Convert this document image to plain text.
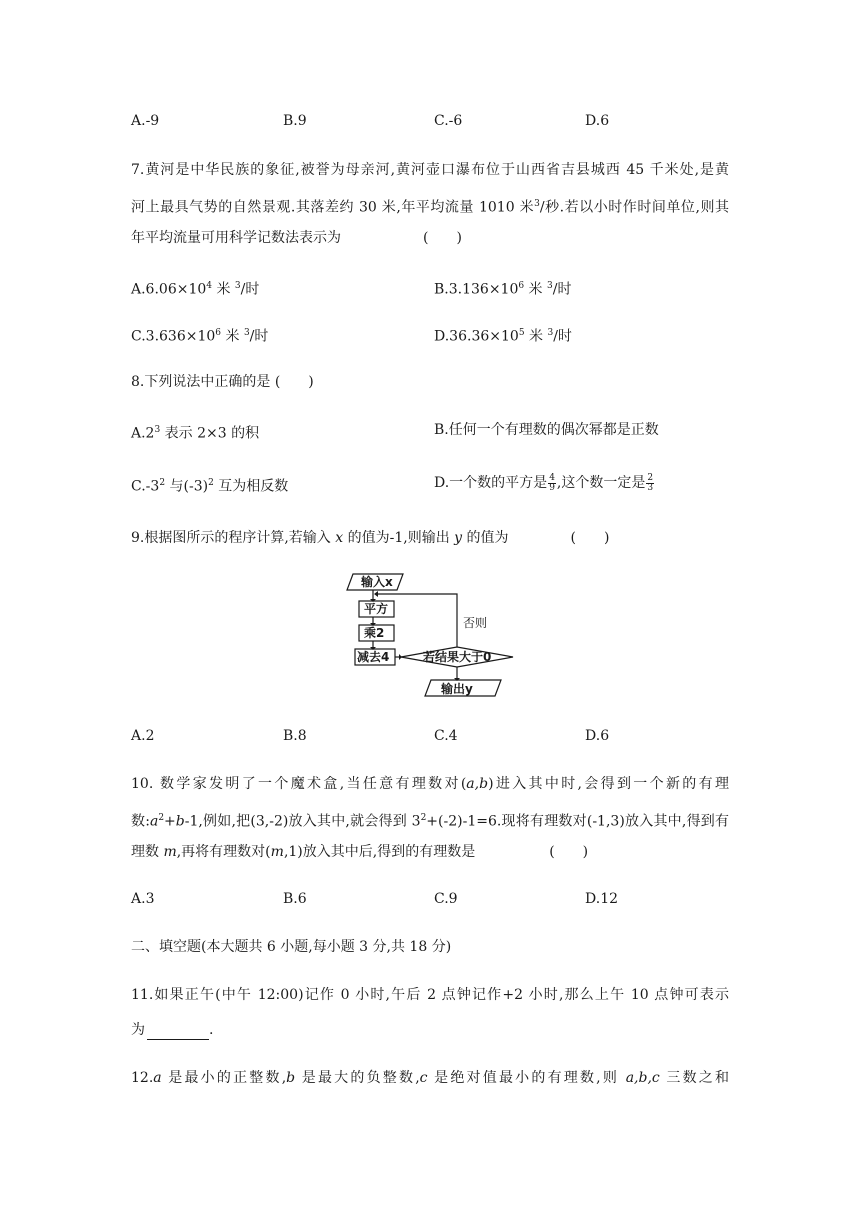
A.-9	B.9	C.-6	D.6
7.黄河是中华民族的象征,被誉为母亲河,黄河壶口瀑布位于山西省吉县城西 45 千米处,是黄
河上最具气势的自然景观.其落差约 30 米,年平均流量 1010 米$^3$/秒.若以小时作时间单位,则其
年平均流量可用科学记数法表示为	(　　)
$A.6.06\times 10^4$ 米 $^3$/时	$B.3.136\times 10^6$ 米 $^3$/时
$C.3.636\times 10^6$ 米 $^3$/时	$D.36.36\times 10^5$ 米 $^3$/时
8.下列说法中正确的是 (　　)
$A.2^3$ 表示 2×3 的积	B.任何一个有理数的偶次幂都是正数
$C.-3^2$ 与$(-3)^2$ 互为相反数	D.一个数的平方是 $\frac{4}{9}$ ,这个数一定是 $\frac{2}{3}$
9.根据图所示的程序计算,若输入 x 的值为-1,则输出 y 的值为	(　　)
输入x
平方
乘2
减去4	若结果大于0
否则
输出y
A.2	B.8	C.4	D.6
10. 数学家发明了一个魔术盒,当任意有理数对(a,b)进入其中时,会得到一个新的有理
数$:a^2+b-1$,例如,把(3,-2)放入其中,就会得到 $3^2+(-2)-1=6$.现将有理数对(-1,3)放入其中,得到有
理数 m,再将有理数对(m,1)放入其中后,得到的有理数是	(　　)
A.3	B.6	C.9	D.12
二、填空题(本大题共 6 小题,每小题 3 分,共 18 分)
11.如果正午(中午 12:00)记作 0 小时,午后 2 点钟记作+2 小时,那么上午 10 点钟可表示
为	.
12.a 是最小的正整数,b 是最大的负整数,c 是绝对值最小的有理数,则 a,b,c 三数之和
